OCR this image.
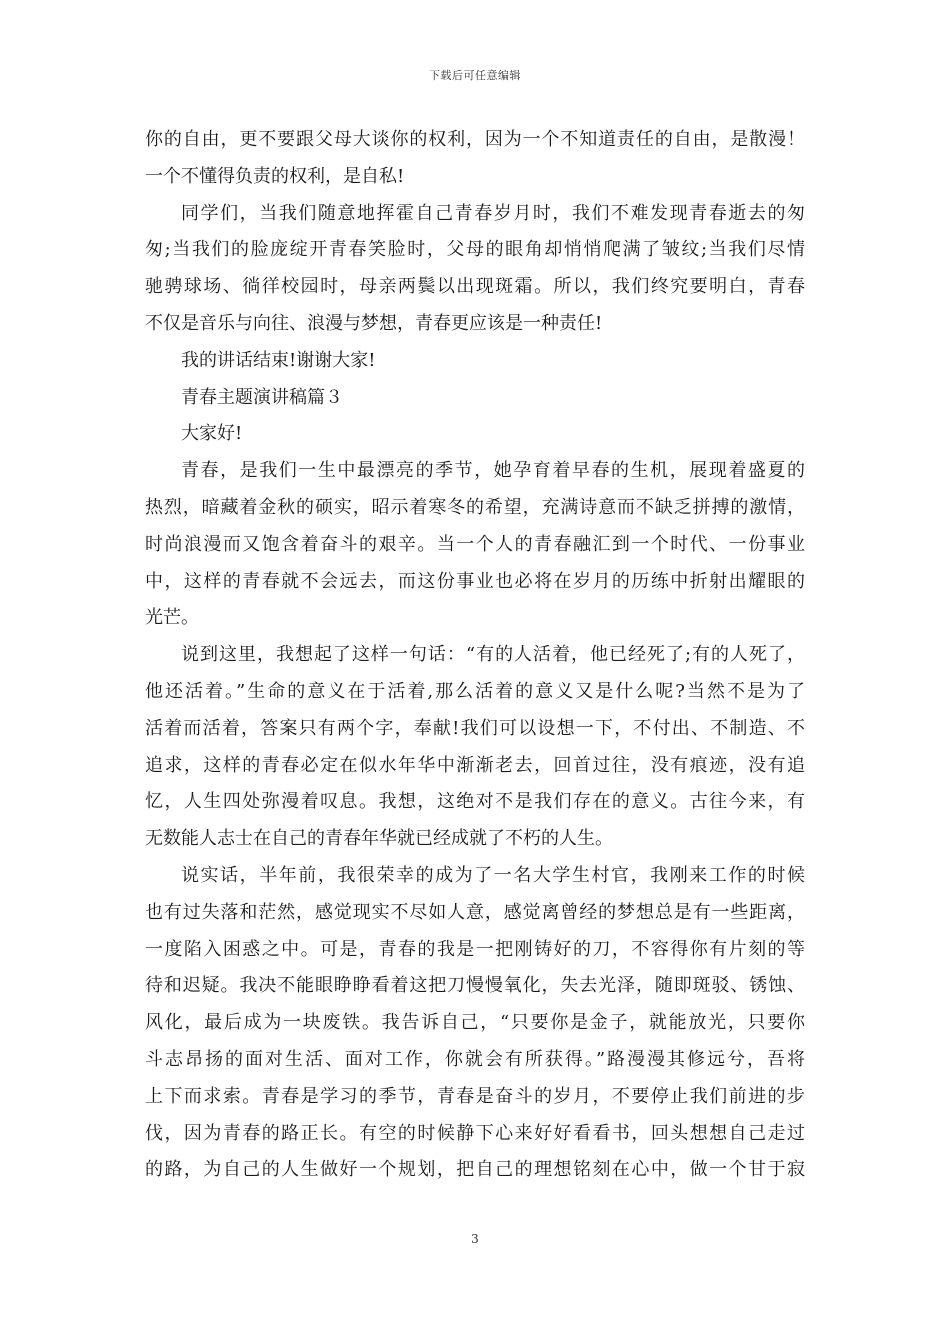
下载后可任意编辑
你的自由，更不要跟父母大谈你的权利，因为一个不知道责任的自由，是散漫！
一个不懂得负责的权利，是自私!
同学们，当我们随意地挥霍自己青春岁月时，我们不难发现青春逝去的匆
匆;当我们的脸庞绽开青春笑脸时，父母的眼角却悄悄爬满了皱纹;当我们尽情
驰骋球场、徜徉校园时，母亲两鬓以出现斑霜。所以，我们终究要明白，青春
不仅是音乐与向往、浪漫与梦想，青春更应该是一种责任!
我的讲话结束!谢谢大家!
青春主题演讲稿篇３
大家好!
青春，是我们一生中最漂亮的季节，她孕育着早春的生机，展现着盛夏的
热烈，暗藏着金秋的硕实，昭示着寒冬的希望，充满诗意而不缺乏拼搏的激情，
时尚浪漫而又饱含着奋斗的艰辛。当一个人的青春融汇到一个时代、一份事业
中，这样的青春就不会远去，而这份事业也必将在岁月的历练中折射出耀眼的
光芒。
说到这里，我想起了这样一句话：“有的人活着，他已经死了;有的人死了，
他还活着。”生命的意义在于活着,那么活着的意义又是什么呢?当然不是为了
活着而活着，答案只有两个字，奉献!我们可以设想一下，不付出、不制造、不
追求，这样的青春必定在似水年华中渐渐老去，回首过往，没有痕迹，没有追
忆，人生四处弥漫着叹息。我想，这绝对不是我们存在的意义。古往今来，有
无数能人志士在自己的青春年华就已经成就了不朽的人生。
说实话，半年前，我很荣幸的成为了一名大学生村官，我刚来工作的时候
也有过失落和茫然，感觉现实不尽如人意，感觉离曾经的梦想总是有一些距离，
一度陷入困惑之中。可是，青春的我是一把刚铸好的刀，不容得你有片刻的等
待和迟疑。我决不能眼睁睁看着这把刀慢慢氧化，失去光泽，随即斑驳、锈蚀、
风化，最后成为一块废铁。我告诉自己，“只要你是金子，就能放光，只要你
斗志昂扬的面对生活、面对工作，你就会有所获得。”路漫漫其修远兮，吾将
上下而求索。青春是学习的季节，青春是奋斗的岁月，不要停止我们前进的步
伐，因为青春的路正长。有空的时候静下心来好好看看书，回头想想自己走过
的路，为自己的人生做好一个规划，把自己的理想铭刻在心中，做一个甘于寂
3
